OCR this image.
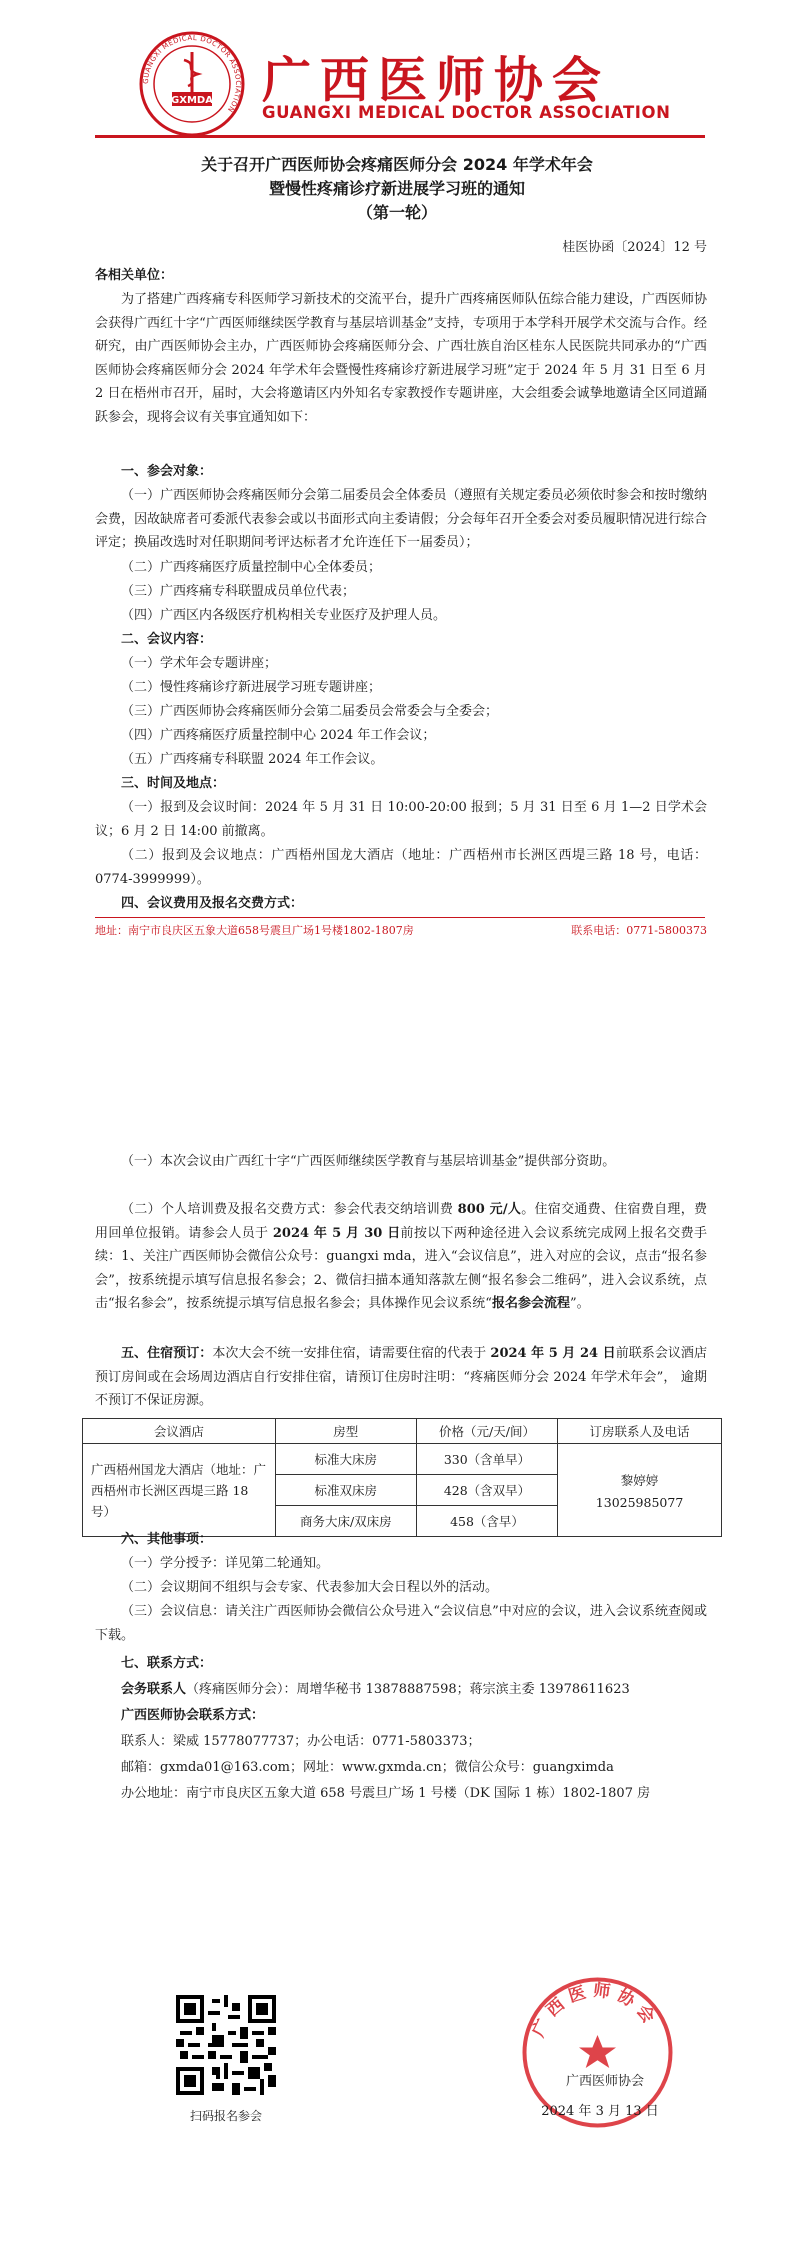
GUANGXI MEDICAL DOCTOR ASSOCIATION
GXMDA 广西医师协会
GUANGXI MEDICAL DOCTOR ASSOCIATION
关于召开广西医师协会疼痛医师分会 2024 年学术年会
暨慢性疼痛诊疗新进展学习班的通知
（第一轮）
桂医协函〔2024〕12 号
各相关单位：
为了搭建广西疼痛专科医师学习新技术的交流平台，提升广西疼痛医师队伍综合能力建设，广西医师协会获得广西红十字“广西医师继续医学教育与基层培训基金”支持，专项用于本学科开展学术交流与合作。经研究，由广西医师协会主办，广西医师协会疼痛医师分会、广西壮族自治区桂东人民医院共同承办的“广西医师协会疼痛医师分会 2024 年学术年会暨慢性疼痛诊疗新进展学习班”定于 2024 年 5 月 31 日至 6 月 2 日在梧州市召开，届时，大会将邀请区内外知名专家教授作专题讲座，大会组委会诚挚地邀请全区同道踊跃参会，现将会议有关事宜通知如下：
一、参会对象：
（一）广西医师协会疼痛医师分会第二届委员会全体委员（遵照有关规定委员必须依时参会和按时缴纳会费，因故缺席者可委派代表参会或以书面形式向主委请假；分会每年召开全委会对委员履职情况进行综合评定；换届改选时对任职期间考评达标者才允许连任下一届委员）；
（二）广西疼痛医疗质量控制中心全体委员；
（三）广西疼痛专科联盟成员单位代表；
（四）广西区内各级医疗机构相关专业医疗及护理人员。
二、会议内容：
（一）学术年会专题讲座；
（二）慢性疼痛诊疗新进展学习班专题讲座；
（三）广西医师协会疼痛医师分会第二届委员会常委会与全委会；
（四）广西疼痛医疗质量控制中心 2024 年工作会议；
（五）广西疼痛专科联盟 2024 年工作会议。
三、时间及地点：
（一）报到及会议时间：2024 年 5 月 31 日 10:00-20:00 报到；5 月 31 日至 6 月 1—2 日学术会议；6 月 2 日 14:00 前撤离。
（二）报到及会议地点：广西梧州国龙大酒店（地址：广西梧州市长洲区西堤三路 18 号，电话：0774-3999999）。
四、会议费用及报名交费方式：
地址：南宁市良庆区五象大道658号震旦广场1号楼1802-1807房	联系电话：0771-5800373
（一）本次会议由广西红十字“广西医师继续医学教育与基层培训基金”提供部分资助。
（二）个人培训费及报名交费方式：参会代表交纳培训费 800 元/人。住宿交通费、住宿费自理，费用回单位报销。请参会人员于 2024 年 5 月 30 日前按以下两种途径进入会议系统完成网上报名交费手续：1、关注广西医师协会微信公众号：guangxi mda，进入“会议信息”，进入对应的会议，点击“报名参会”，按系统提示填写信息报名参会；2、微信扫描本通知落款左侧“报名参会二维码”，进入会议系统，点击“报名参会”，按系统提示填写信息报名参会；具体操作见会议系统“报名参会流程”。
五、住宿预订：本次大会不统一安排住宿，请需要住宿的代表于 2024 年 5 月 24 日前联系会议酒店预订房间或在会场周边酒店自行安排住宿，请预订住房时注明：“疼痛医师分会 2024 年学术年会”， 逾期不预订不保证房源。
会议酒店	房型	价格（元/天/间）	订房联系人及电话
广西梧州国龙大酒店（地址：广西梧州市长洲区西堤三路 18 号）	标准大床房	330（含单早）	黎婷婷
13025985077

	标准双床房	428（含双早）	
	商务大床/双床房	458（含早）	
六、其他事项：
（一）学分授予：详见第二轮通知。
（二）会议期间不组织与会专家、代表参加大会日程以外的活动。
（三）会议信息：请关注广西医师协会微信公众号进入“会议信息”中对应的会议，进入会议系统查阅或下载。
七、联系方式：
会务联系人（疼痛医师分会）：周增华秘书 13878887598；蒋宗滨主委 13978611623
广西医师协会联系方式：
联系人：梁威 15778077737；办公电话：0771-5803373；
邮箱：gxmda01@163.com；网址：www.gxmda.cn；微信公众号：guangximda
办公地址：南宁市良庆区五象大道 658 号震旦广场 1 号楼（DK 国际 1 栋）1802-1807 房
扫码报名参会
广西医师协会
广西医师协会
2024 年 3 月 13 日
